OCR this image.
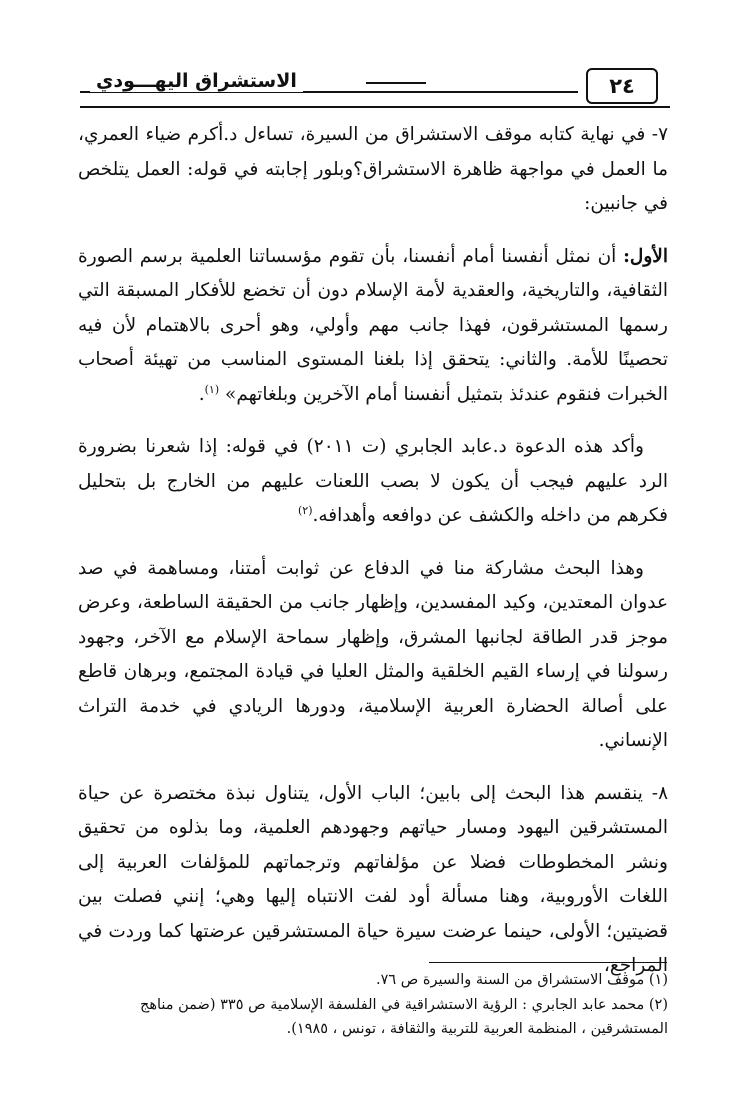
٢٤
الاستشراق اليهـــودي

٧- في نهاية كتابه موقف الاستشراق من السيرة، تساءل د.أكرم ضياء العمري، ما العمل في مواجهة ظاهرة الاستشراق؟وبلور إجابته في قوله: العمل يتلخص في جانبين:

الأول: أن نمثل أنفسنا أمام أنفسنا، بأن تقوم مؤسساتنا العلمية برسم الصورة الثقافية، والتاريخية، والعقدية لأمة الإسلام دون أن تخضع للأفكار المسبقة التي رسمها المستشرقون، فهذا جانب مهم وأولي، وهو أحرى بالاهتمام لأن فيه تحصينًا للأمة. والثاني: يتحقق إذا بلغنا المستوى المناسب من تهيئة أصحاب الخبرات فنقوم عندئذ بتمثيل أنفسنا أمام الآخرين وبلغاتهم» $^{(١)}$.

وأكد هذه الدعوة د.عابد الجابري (ت ٢٠١١) في قوله: إذا شعرنا بضرورة الرد عليهم فيجب أن يكون لا بصب اللعنات عليهم من الخارج بل بتحليل فكرهم من داخله والكشف عن دوافعه وأهدافه.$^{(٢)}$

وهذا البحث مشاركة منا في الدفاع عن ثوابت أمتنا، ومساهمة في صد عدوان المعتدين، وكيد المفسدين، وإظهار جانب من الحقيقة الساطعة، وعرض موجز قدر الطاقة لجانبها المشرق، وإظهار سماحة الإسلام مع الآخر، وجهود رسولنا في إرساء القيم الخلقية والمثل العليا في قيادة المجتمع، وبرهان قاطع على أصالة الحضارة العربية الإسلامية، ودورها الريادي في خدمة التراث الإنساني.

٨- ينقسم هذا البحث إلى بابين؛ الباب الأول، يتناول نبذة مختصرة عن حياة المستشرقين اليهود ومسار حياتهم وجهودهم العلمية، وما بذلوه من تحقيق ونشر المخطوطات فضلا عن مؤلفاتهم وترجماتهم للمؤلفات العربية إلى اللغات الأوروبية، وهنا مسألة أود لفت الانتباه إليها وهي؛ إنني فصلت بين قضيتين؛ الأولى، حينما عرضت سيرة حياة المستشرقين عرضتها كما وردت في المراجع،

(١) موقف الاستشراق من السنة والسيرة ص ٧٦.

(٢) محمد عابد الجابري : الرؤية الاستشراقية في الفلسفة الإسلامية ص ٣٣٥ (ضمن مناهج المستشرقين ، المنظمة العربية للتربية والثقافة ، تونس ، ١٩٨٥).
